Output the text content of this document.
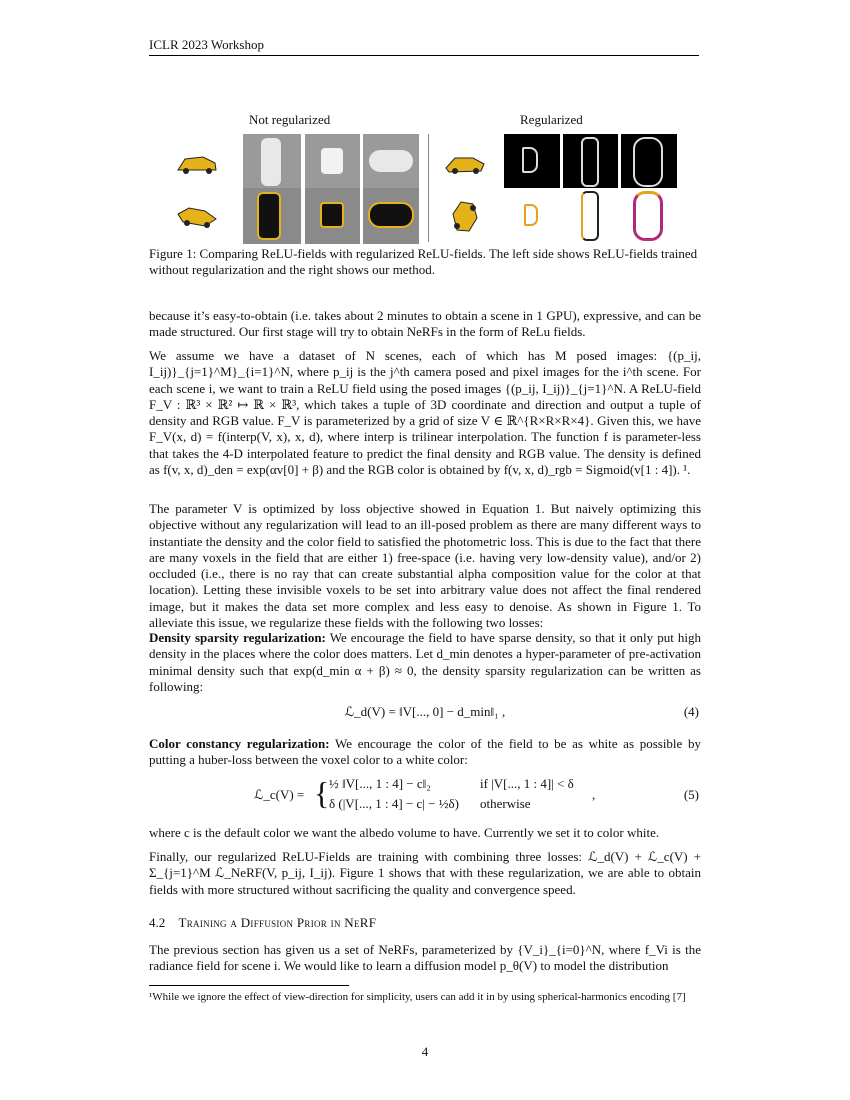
ICLR 2023 Workshop
Not regularized	Regularized
Figure 1: Comparing ReLU-fields with regularized ReLU-fields. The left side shows ReLU-fields trained without regularization and the right shows our method.

because it’s easy-to-obtain (i.e. takes about 2 minutes to obtain a scene in 1 GPU), expressive, and can be made structured. Our first stage will try to obtain NeRFs in the form of ReLu fields.

We assume we have a dataset of N scenes, each of which has M posed images: {(p_ij, I_ij)}_{j=1}^M}_{i=1}^N, where p_ij is the j^th camera posed and pixel images for the i^th scene. For each scene i, we want to train a ReLU field using the posed images {(p_ij, I_ij)}_{j=1}^N. A ReLU-field F_V : ℝ³ × ℝ² ↦ ℝ × ℝ³, which takes a tuple of 3D coordinate and direction and output a tuple of density and RGB value. F_V is parameterized by a grid of size V ∈ ℝ^{R×R×R×4}. Given this, we have F_V(x, d) = f(interp(V, x), x, d), where interp is trilinear interpolation. The function f is parameter-less that takes the 4-D interpolated feature to predict the final density and RGB value. The density is defined as f(v, x, d)_den = exp(αv[0] + β) and the RGB color is obtained by f(v, x, d)_rgb = Sigmoid(v[1 : 4]). ¹.

The parameter V is optimized by loss objective showed in Equation 1. But naively optimizing this objective without any regularization will lead to an ill-posed problem as there are many different ways to instantiate the density and the color field to satisfied the photometric loss. This is due to the fact that there are many voxels in the field that are either 1) free-space (i.e. having very low-density value), and/or 2) occluded (i.e., there is no ray that can create substantial alpha composition value for the color at that location). Letting these invisible voxels to be set into arbitrary value does not affect the final rendered image, but it makes the data set more complex and less easy to denoise. As shown in Figure 1. To alleviate this issue, we regularize these fields with the following two losses:

Density sparsity regularization: We encourage the field to have sparse density, so that it only put high density in the places where the color does matters. Let d_min denotes a hyper-parameter of pre-activation minimal density such that exp(d_min α + β) ≈ 0, the density sparsity regularization can be written as following:

ℒ_d(V) = ‖V[..., 0] − d_min‖₁ ,	(4)

Color constancy regularization: We encourage the color of the field to be as white as possible by putting a huber-loss between the voxel color to a white color:

ℒ_c(V) = { ½ ‖V[..., 1 : 4] − c‖₂	if |V[..., 1 : 4]| < δ
δ (|V[..., 1 : 4] − c| − ½δ) otherwise
,	(5)

where c is the default color we want the albedo volume to have. Currently we set it to color white.

Finally, our regularized ReLU-Fields are training with combining three losses: ℒ_d(V) + ℒ_c(V) + Σ_{j=1}^M ℒ_NeRF(V, p_ij, I_ij). Figure 1 shows that with these regularization, we are able to obtain fields with more structured without sacrificing the quality and convergence speed.

4.2 Training a Diffusion Prior in NeRF

The previous section has given us a set of NeRFs, parameterized by {V_i}_{i=0}^N, where f_Vi is the radiance field for scene i. We would like to learn a diffusion model p_θ(V) to model the distribution

¹While we ignore the effect of view-direction for simplicity, users can add it in by using spherical-harmonics encoding [7]
4
